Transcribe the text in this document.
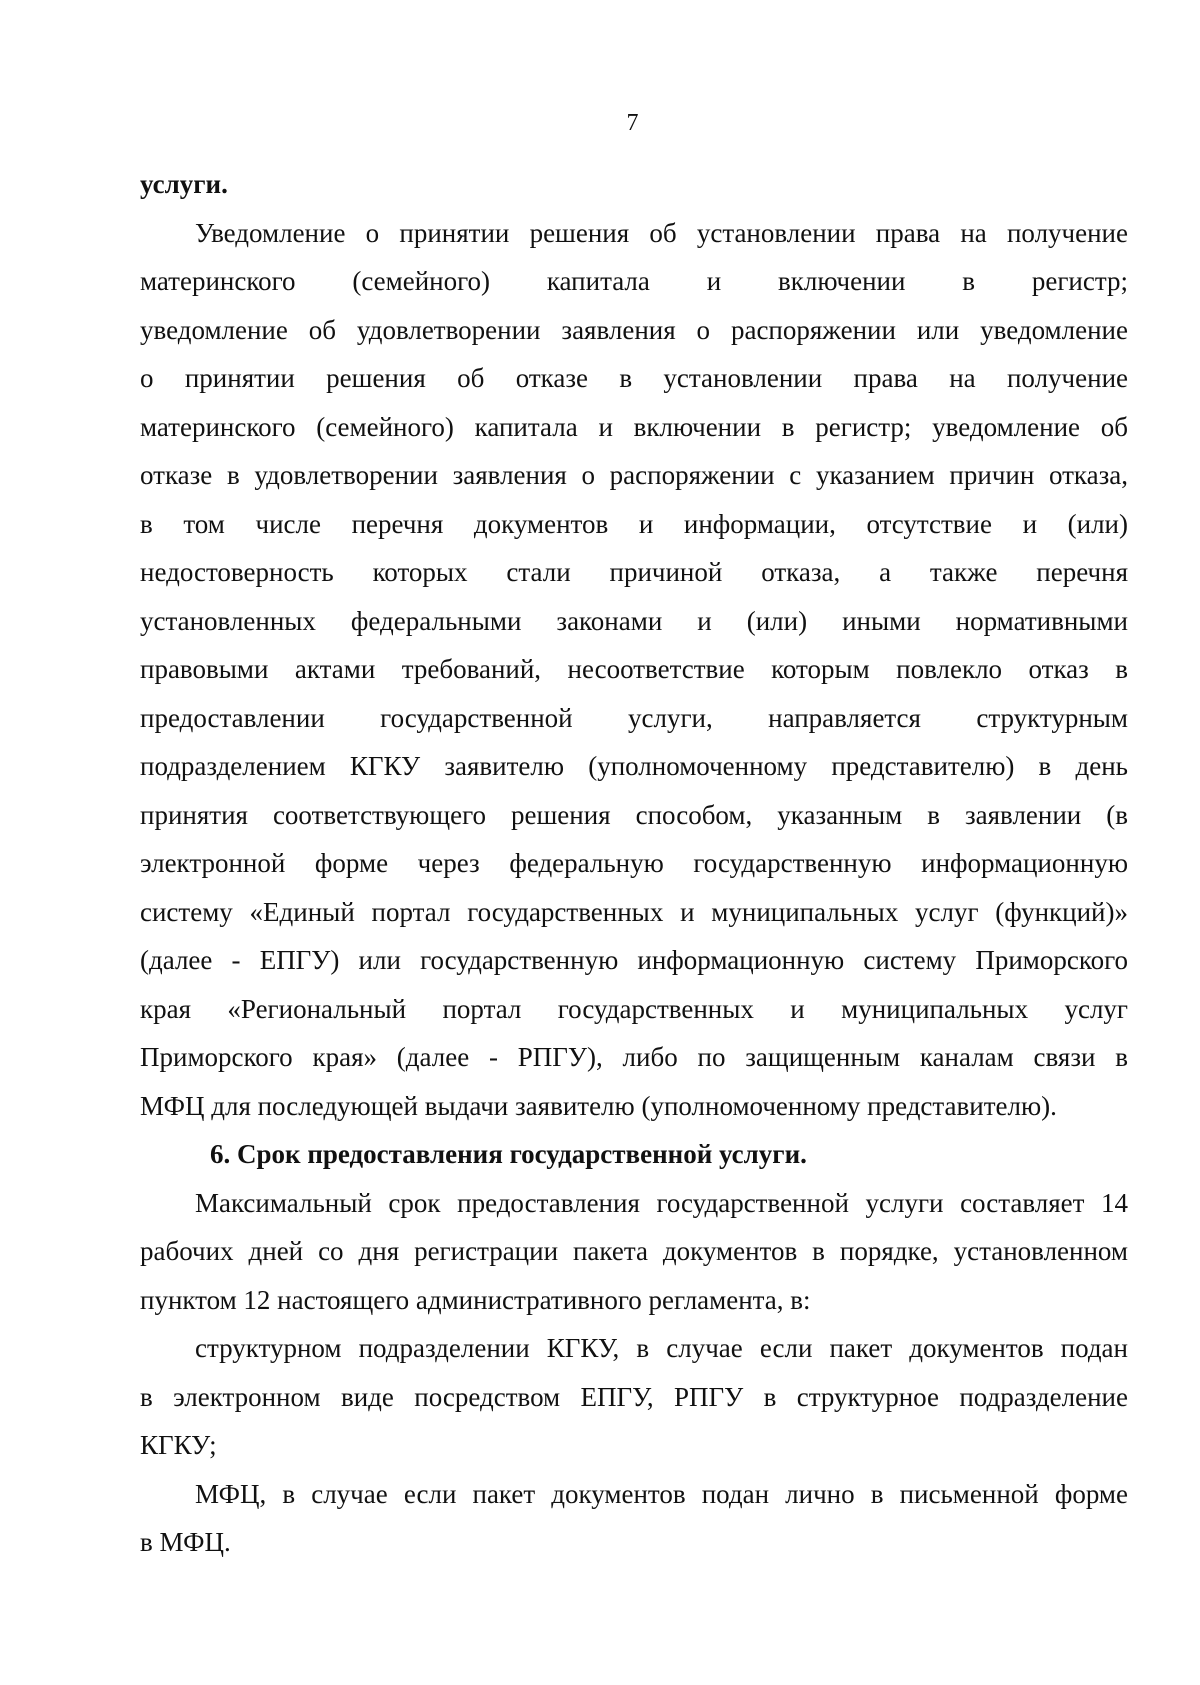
7
услуги.
Уведомление о принятии решения об установлении права на получение
материнского (семейного) капитала и включении в регистр;
уведомление об удовлетворении заявления о распоряжении или уведомление
о принятии решения об отказе в установлении права на получение
материнского (семейного) капитала и включении в регистр; уведомление об
отказе в удовлетворении заявления о распоряжении с указанием причин отказа,
в том числе перечня документов и информации, отсутствие и (или)
недостоверность которых стали причиной отказа, а также перечня
установленных федеральными законами и (или) иными нормативными
правовыми актами требований, несоответствие которым повлекло отказ в
предоставлении государственной услуги, направляется структурным
подразделением КГКУ заявителю (уполномоченному представителю) в день
принятия соответствующего решения способом, указанным в заявлении (в
электронной форме через федеральную государственную информационную
систему «Единый портал государственных и муниципальных услуг (функций)»
(далее - ЕПГУ) или государственную информационную систему Приморского
края «Региональный портал государственных и муниципальных услуг
Приморского края» (далее - РПГУ), либо по защищенным каналам связи в
МФЦ для последующей выдачи заявителю (уполномоченному представителю).
6. Срок предоставления государственной услуги.
Максимальный срок предоставления государственной услуги составляет 14
рабочих дней со дня регистрации пакета документов в порядке, установленном
пунктом 12 настоящего административного регламента, в:
структурном подразделении КГКУ, в случае если пакет документов подан
в электронном виде посредством ЕПГУ, РПГУ в структурное подразделение
КГКУ;
МФЦ, в случае если пакет документов подан лично в письменной форме
в МФЦ.
